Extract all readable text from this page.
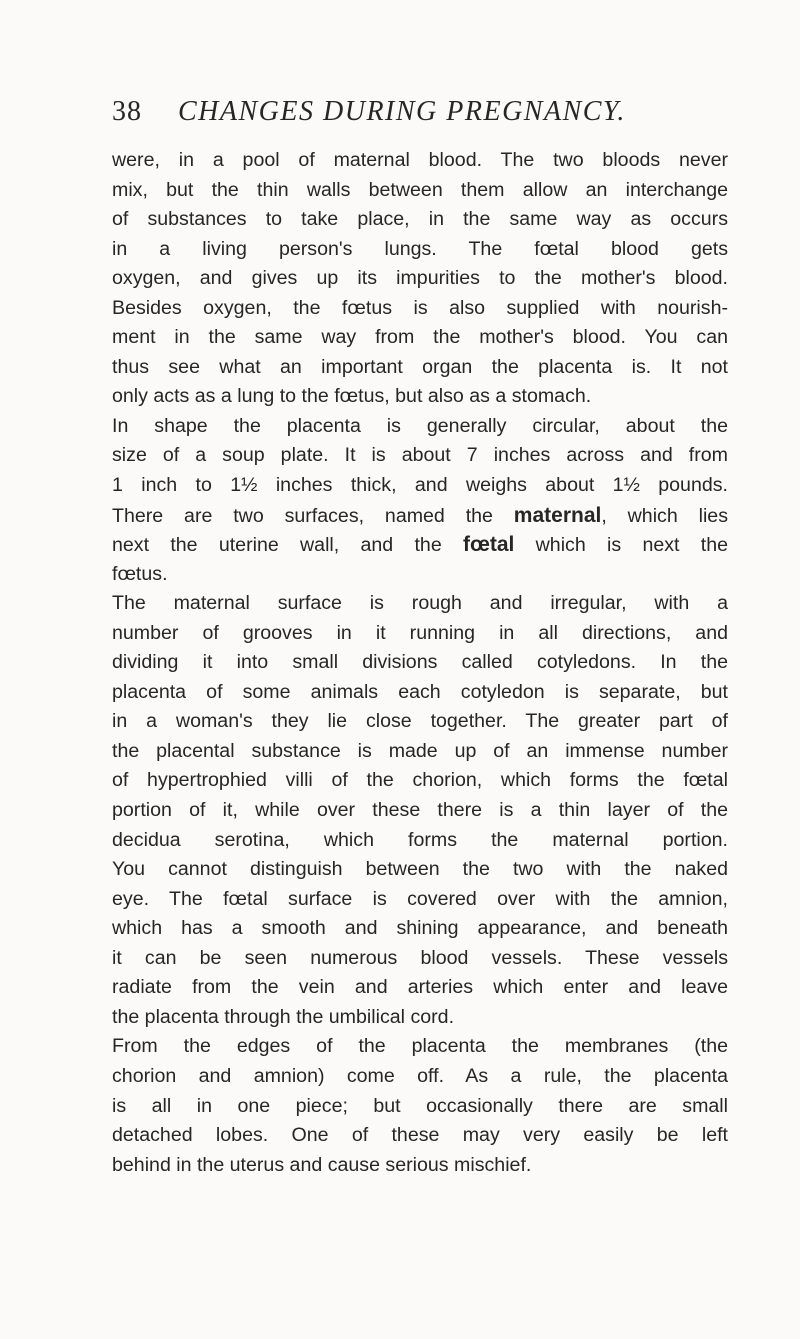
38 CHANGES DURING PREGNANCY.
were, in a pool of maternal blood. The two bloods never
mix, but the thin walls between them allow an interchange
of substances to take place, in the same way as occurs
in a living person's lungs. The fœtal blood gets
oxygen, and gives up its impurities to the mother's blood.
Besides oxygen, the fœtus is also supplied with nourish-
ment in the same way from the mother's blood. You can
thus see what an important organ the placenta is. It not
only acts as a lung to the fœtus, but also as a stomach.
In shape the placenta is generally circular, about the
size of a soup plate. It is about 7 inches across and from
1 inch to 1½ inches thick, and weighs about 1½ pounds.
There are two surfaces, named the maternal, which lies
next the uterine wall, and the fœtal which is next the
fœtus.
The maternal surface is rough and irregular, with a
number of grooves in it running in all directions, and
dividing it into small divisions called cotyledons. In the
placenta of some animals each cotyledon is separate, but
in a woman's they lie close together. The greater part of
the placental substance is made up of an immense number
of hypertrophied villi of the chorion, which forms the fœtal
portion of it, while over these there is a thin layer of the
decidua serotina, which forms the maternal portion.
You cannot distinguish between the two with the naked
eye. The fœtal surface is covered over with the amnion,
which has a smooth and shining appearance, and beneath
it can be seen numerous blood vessels. These vessels
radiate from the vein and arteries which enter and leave
the placenta through the umbilical cord.
From the edges of the placenta the membranes (the
chorion and amnion) come off. As a rule, the placenta
is all in one piece; but occasionally there are small
detached lobes. One of these may very easily be left
behind in the uterus and cause serious mischief.
